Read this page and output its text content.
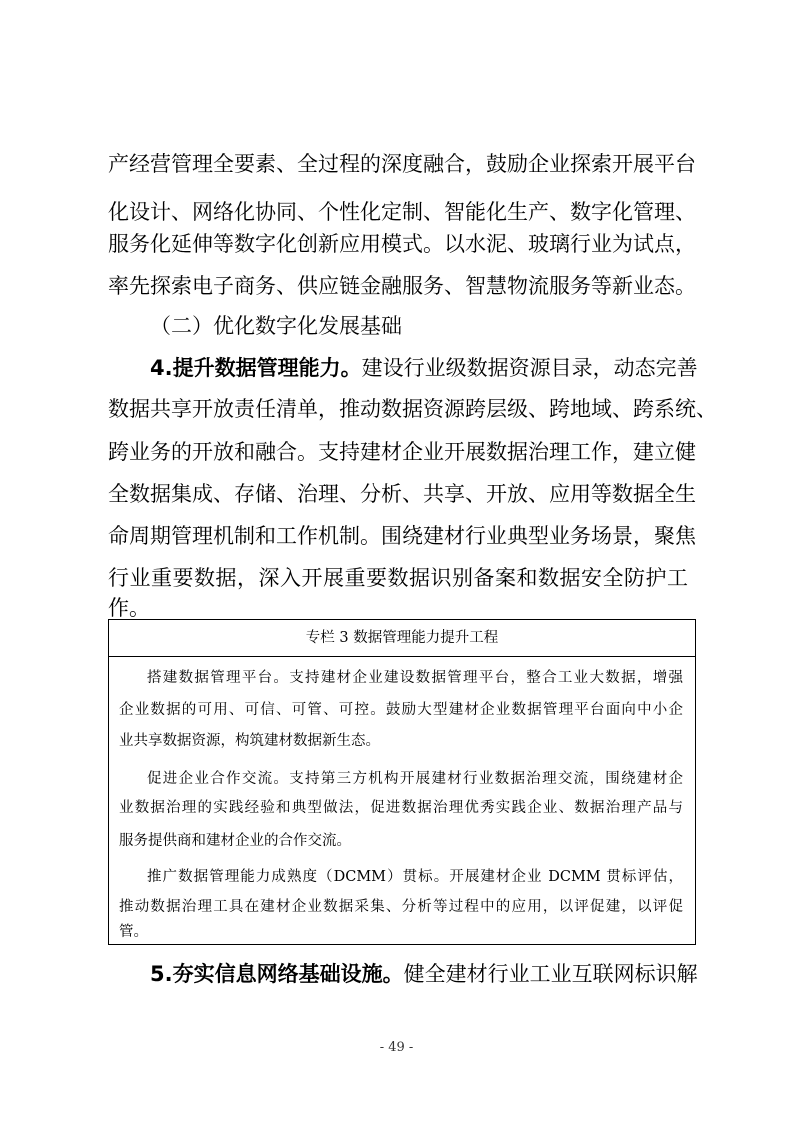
产经营管理全要素、全过程的深度融合，鼓励企业探索开展平台
化设计、网络化协同、个性化定制、智能化生产、数字化管理、
服务化延伸等数字化创新应用模式。以水泥、玻璃行业为试点，
率先探索电子商务、供应链金融服务、智慧物流服务等新业态。
（二）优化数字化发展基础
4.提升数据管理能力。建设行业级数据资源目录，动态完善
数据共享开放责任清单，推动数据资源跨层级、跨地域、跨系统、
跨业务的开放和融合。支持建材企业开展数据治理工作，建立健
全数据集成、存储、治理、分析、共享、开放、应用等数据全生
命周期管理机制和工作机制。围绕建材行业典型业务场景，聚焦
行业重要数据，深入开展重要数据识别备案和数据安全防护工
作。
专栏 3 数据管理能力提升工程
搭建数据管理平台。支持建材企业建设数据管理平台，整合工业大数据，增强
企业数据的可用、可信、可管、可控。鼓励大型建材企业数据管理平台面向中小企
业共享数据资源，构筑建材数据新生态。
促进企业合作交流。支持第三方机构开展建材行业数据治理交流，围绕建材企
业数据治理的实践经验和典型做法，促进数据治理优秀实践企业、数据治理产品与
服务提供商和建材企业的合作交流。
推广数据管理能力成熟度（DCMM）贯标。开展建材企业 DCMM 贯标评估，
推动数据治理工具在建材企业数据采集、分析等过程中的应用，以评促建，以评促
管。
5.夯实信息网络基础设施。健全建材行业工业互联网标识解
- 49 -
